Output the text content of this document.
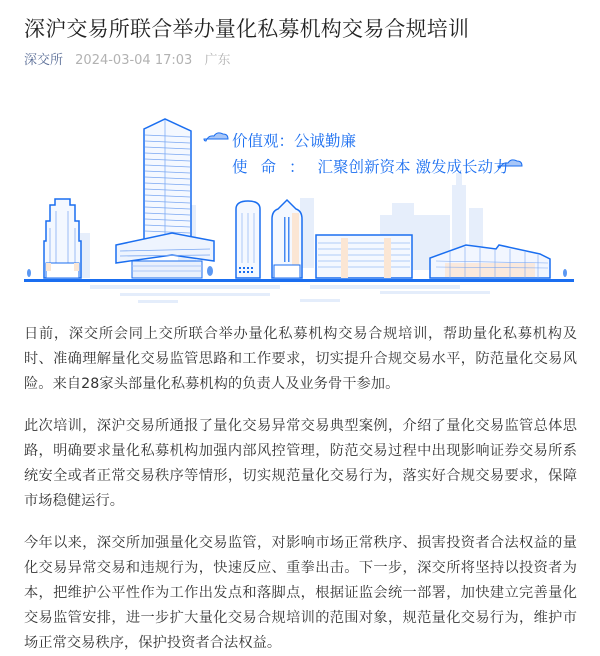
深沪交易所联合举办量化私募机构交易合规培训
深交所 2024-03-04 17:03 广东
价值观：公诚勤廉
使命：汇聚创新资本 激发成长动力

日前，深交所会同上交所联合举办量化私募机构交易合规培训，帮助量化私募机构及时、准确理解量化交易监管思路和工作要求，切实提升合规交易水平，防范量化交易风险。来自28家头部量化私募机构的负责人及业务骨干参加。

此次培训，深沪交易所通报了量化交易异常交易典型案例，介绍了量化交易监管总体思路，明确要求量化私募机构加强内部风控管理，防范交易过程中出现影响证券交易所系统安全或者正常交易秩序等情形，切实规范量化交易行为，落实好合规交易要求，保障市场稳健运行。

今年以来，深交所加强量化交易监管，对影响市场正常秩序、损害投资者合法权益的量化交易异常交易和违规行为，快速反应、重拳出击。下一步，深交所将坚持以投资者为本，把维护公平性作为工作出发点和落脚点，根据证监会统一部署，加快建立完善量化交易监管安排，进一步扩大量化交易合规培训的范围对象，规范量化交易行为，维护市场正常交易秩序，保护投资者合法权益。
